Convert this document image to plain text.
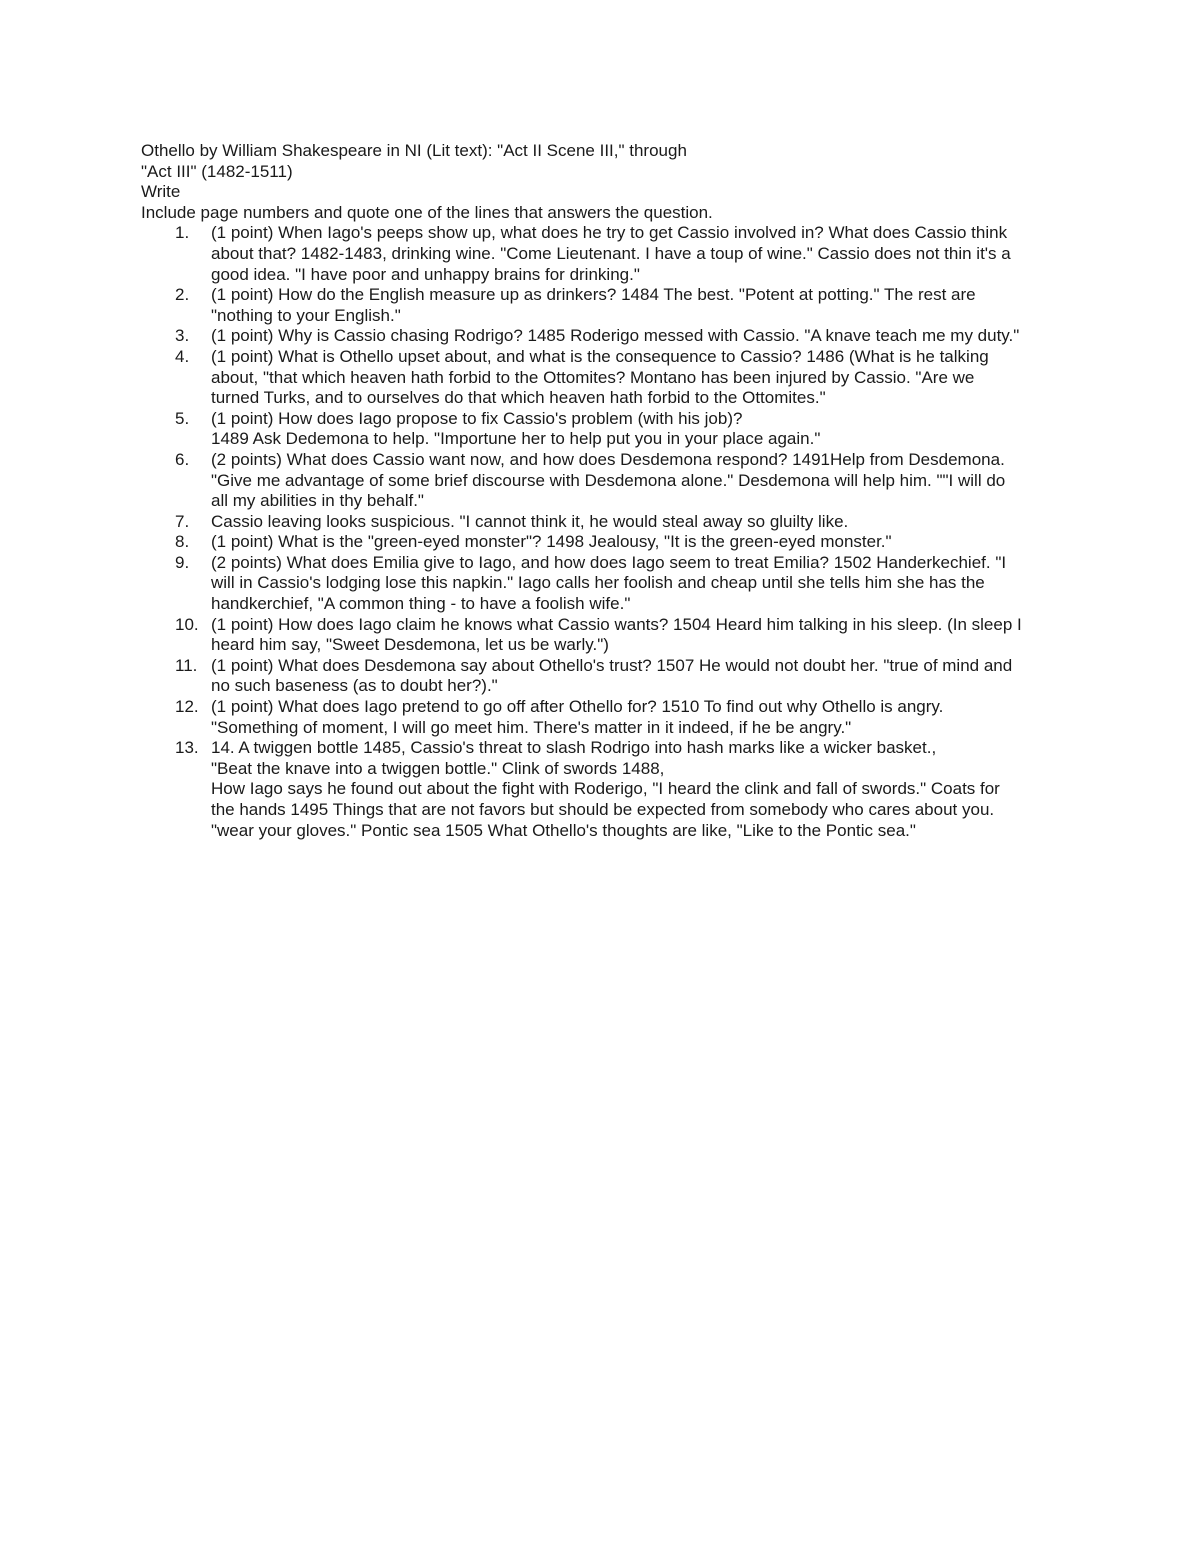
Othello by William Shakespeare in NI (Lit text): "Act II Scene III," through
"Act III" (1482-1511)
Write
Include page numbers and quote one of the lines that answers the question.
1.	(1 point) When Iago's peeps show up, what does he try to get Cassio involved in? What does Cassio think
about that? 1482-1483, drinking wine. "Come Lieutenant. I have a toup of wine." Cassio does not thin it's a
good idea. "I have poor and unhappy brains for drinking."
2.	(1 point) How do the English measure up as drinkers? 1484 The best. "Potent at potting." The rest are
"nothing to your English."
3.	(1 point) Why is Cassio chasing Rodrigo? 1485 Roderigo messed with Cassio. "A knave teach me my duty."
4.	(1 point) What is Othello upset about, and what is the consequence to Cassio? 1486 (What is he talking
about, "that which heaven hath forbid to the Ottomites? Montano has been injured by Cassio. "Are we
turned Turks, and to ourselves do that which heaven hath forbid to the Ottomites."
5.	(1 point) How does Iago propose to fix Cassio's problem (with his job)?
1489 Ask Dedemona to help. "Importune her to help put you in your place again."
6.	(2 points) What does Cassio want now, and how does Desdemona respond? 1491Help from Desdemona.
"Give me advantage of some brief discourse with Desdemona alone." Desdemona will help him. ""I will do
all my abilities in thy behalf."
7.	Cassio leaving looks suspicious. "I cannot think it, he would steal away so gluilty like.
8.	(1 point) What is the "green-eyed monster"? 1498 Jealousy, "It is the green-eyed monster."
9.	(2 points) What does Emilia give to Iago, and how does Iago seem to treat Emilia? 1502 Handerkechief. "I
will in Cassio's lodging lose this napkin." Iago calls her foolish and cheap until she tells him she has the
handkerchief, "A common thing - to have a foolish wife."
10. (1 point) How does Iago claim he knows what Cassio wants? 1504 Heard him talking in his sleep. (In sleep I
heard him say, "Sweet Desdemona, let us be warly.")
11. (1 point) What does Desdemona say about Othello's trust? 1507 He would not doubt her. "true of mind and
no such baseness (as to doubt her?)."
12. (1 point) What does Iago pretend to go off after Othello for? 1510 To find out why Othello is angry.
"Something of moment, I will go meet him. There's matter in it indeed, if he be angry."
13. 14. A twiggen bottle 1485, Cassio's threat to slash Rodrigo into hash marks like a wicker basket.,
"Beat the knave into a twiggen bottle." Clink of swords 1488,
How Iago says he found out about the fight with Roderigo, "I heard the clink and fall of swords." Coats for
the hands 1495 Things that are not favors but should be expected from somebody who cares about you.
"wear your gloves." Pontic sea 1505 What Othello's thoughts are like, "Like to the Pontic sea."
